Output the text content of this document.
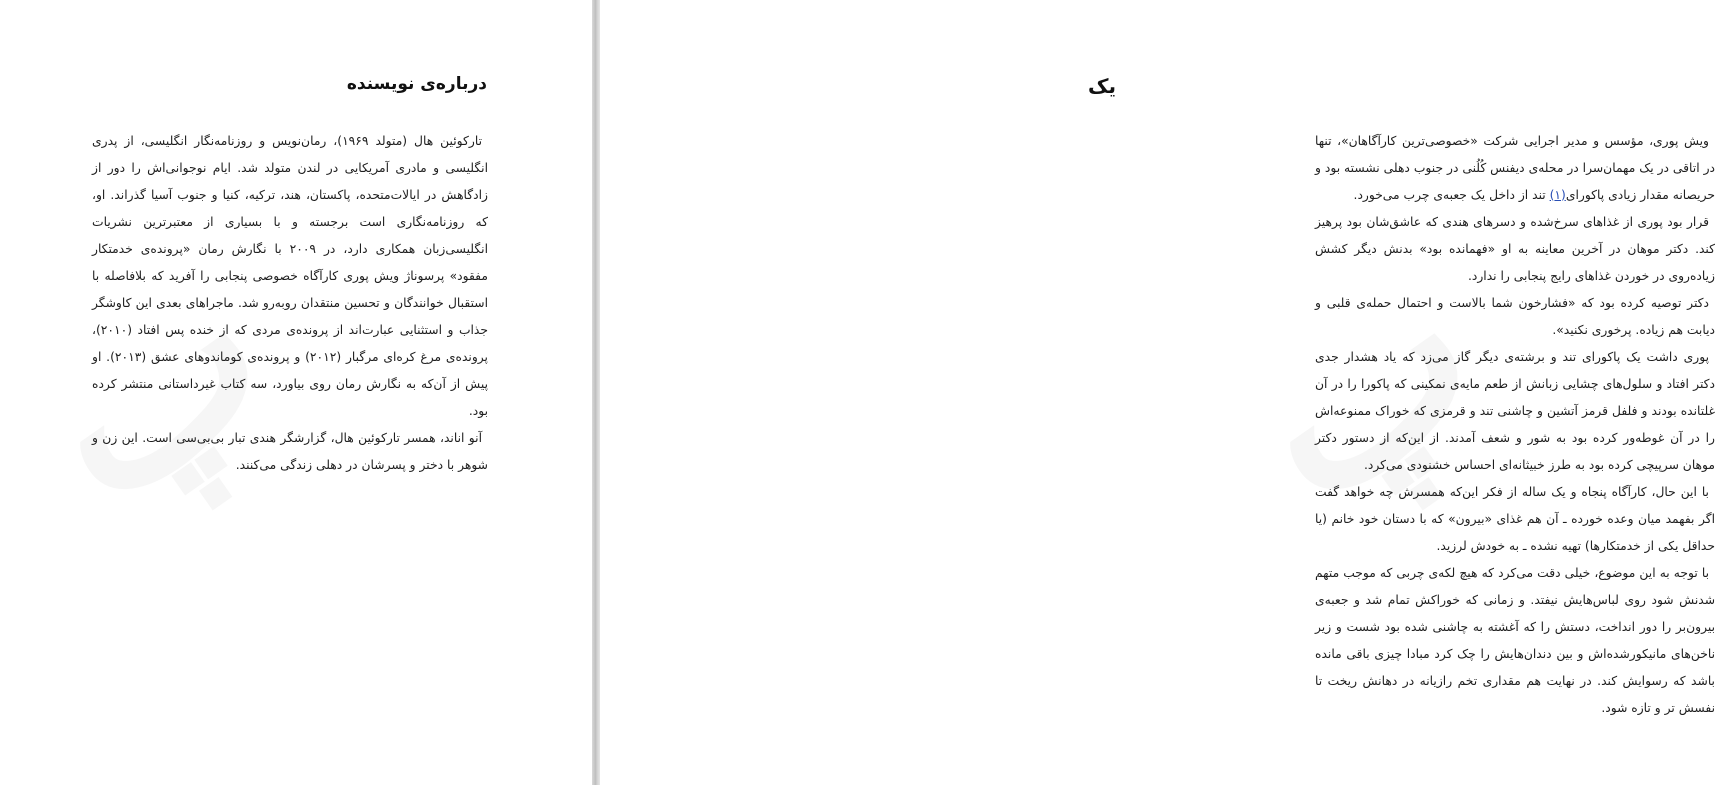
درباره‌ی نویسنده

تارکوئین هال (متولد ۱۹۶۹)، رمان‌نویس و روزنامه‌نگار انگلیسی، از پدری انگلیسی و مادری آمریکایی در لندن متولد شد. ایام نوجوانی‌اش را دور از زادگاهش در ایالات‌متحده، پاکستان، هند، ترکیه، کنیا و جنوب آسیا گذراند. او، که روزنامه‌نگاری است برجسته و با بسیاری از معتبرترین نشریات انگلیسی‌زبان همکاری دارد، در ۲۰۰۹ با نگارش رمان «پرونده‌ی خدمتکار مفقود» پرسوناژ ویش پوری کارآگاه خصوصی پنجابی را آفرید که بلافاصله با استقبال خوانندگان و تحسین منتقدان روبه‌رو شد. ماجراهای بعدی این کاوشگر جذاب و استثنایی عبارت‌اند از پرونده‌ی مردی که از خنده پس افتاد (۲۰۱۰)، پرونده‌ی مرغ کره‌ای مرگبار (۲۰۱۲) و پرونده‌ی کوماندوهای عشق (۲۰۱۳). او پیش از آن‌که به نگارش رمان روی بیاورد، سه کتاب غیرداستانی منتشر کرده بود.

آنو اناند، همسر تارکوئین هال، گزارشگر هندی تبار بی‌بی‌سی است. این زن و شوهر با دختر و پسرشان در دهلی زندگی می‌کنند.

یک

ویش پوری، مؤسس و مدیر اجرایی شرکت «خصوصی‌ترین کارآگاهان»، تنها در اتاقی در یک مهمان‌سرا در محله‌ی دیفنس کُلُنی در جنوب دهلی نشسته بود و حریصانه مقدار زیادی پاکورای(۱) تند از داخل یک جعبه‌ی چرب می‌خورد.

قرار بود پوری از غذاهای سرخ‌شده و دسرهای هندی که عاشق‌شان بود پرهیز کند. دکتر موهان در آخرین معاینه به او «فهمانده بود» بدنش دیگر کشش زیاده‌روی در خوردن غذاهای رایج پنجابی را ندارد.

دکتر توصیه کرده بود که «فشارخون شما بالاست و احتمال حمله‌ی قلبی و دیابت هم زیاده. پرخوری نکنید».

پوری داشت یک پاکورای تند و برشته‌ی دیگر گاز می‌زد که یاد هشدار جدی دکتر افتاد و سلول‌های چشایی زبانش از طعم مایه‌ی نمکینی که پاکورا را در آن غلتانده بودند و فلفل قرمز آتشین و چاشنی تند و قرمزی که خوراک ممنوعه‌اش را در آن غوطه‌ور کرده بود به شور و شعف آمدند. از این‌که از دستور دکتر موهان سرپیچی کرده بود به طرز خبیثانه‌ای احساس خشنودی می‌کرد.

با این حال، کارآگاه پنجاه و یک ساله از فکر این‌که همسرش چه خواهد گفت اگر بفهمد میان وعده خورده ـ آن هم غذای «بیرون» که با دستان خود خانم (یا حداقل یکی از خدمتکارها) تهیه نشده ـ به خودش لرزید.

با توجه به این موضوع، خیلی دقت می‌کرد که هیچ لکه‌ی چربی که موجب متهم شدنش شود روی لباس‌هایش نیفتد. و زمانی که خوراکش تمام شد و جعبه‌ی بیرون‌بر را دور انداخت، دستش را که آغشته به چاشنی شده بود شست و زیر ناخن‌های مانیکورشده‌اش و بین دندان‌هایش را چک کرد مبادا چیزی باقی مانده باشد که رسوایش کند. در نهایت هم مقداری تخم رازیانه در دهانش ریخت تا نفسش تر و تازه شود.
